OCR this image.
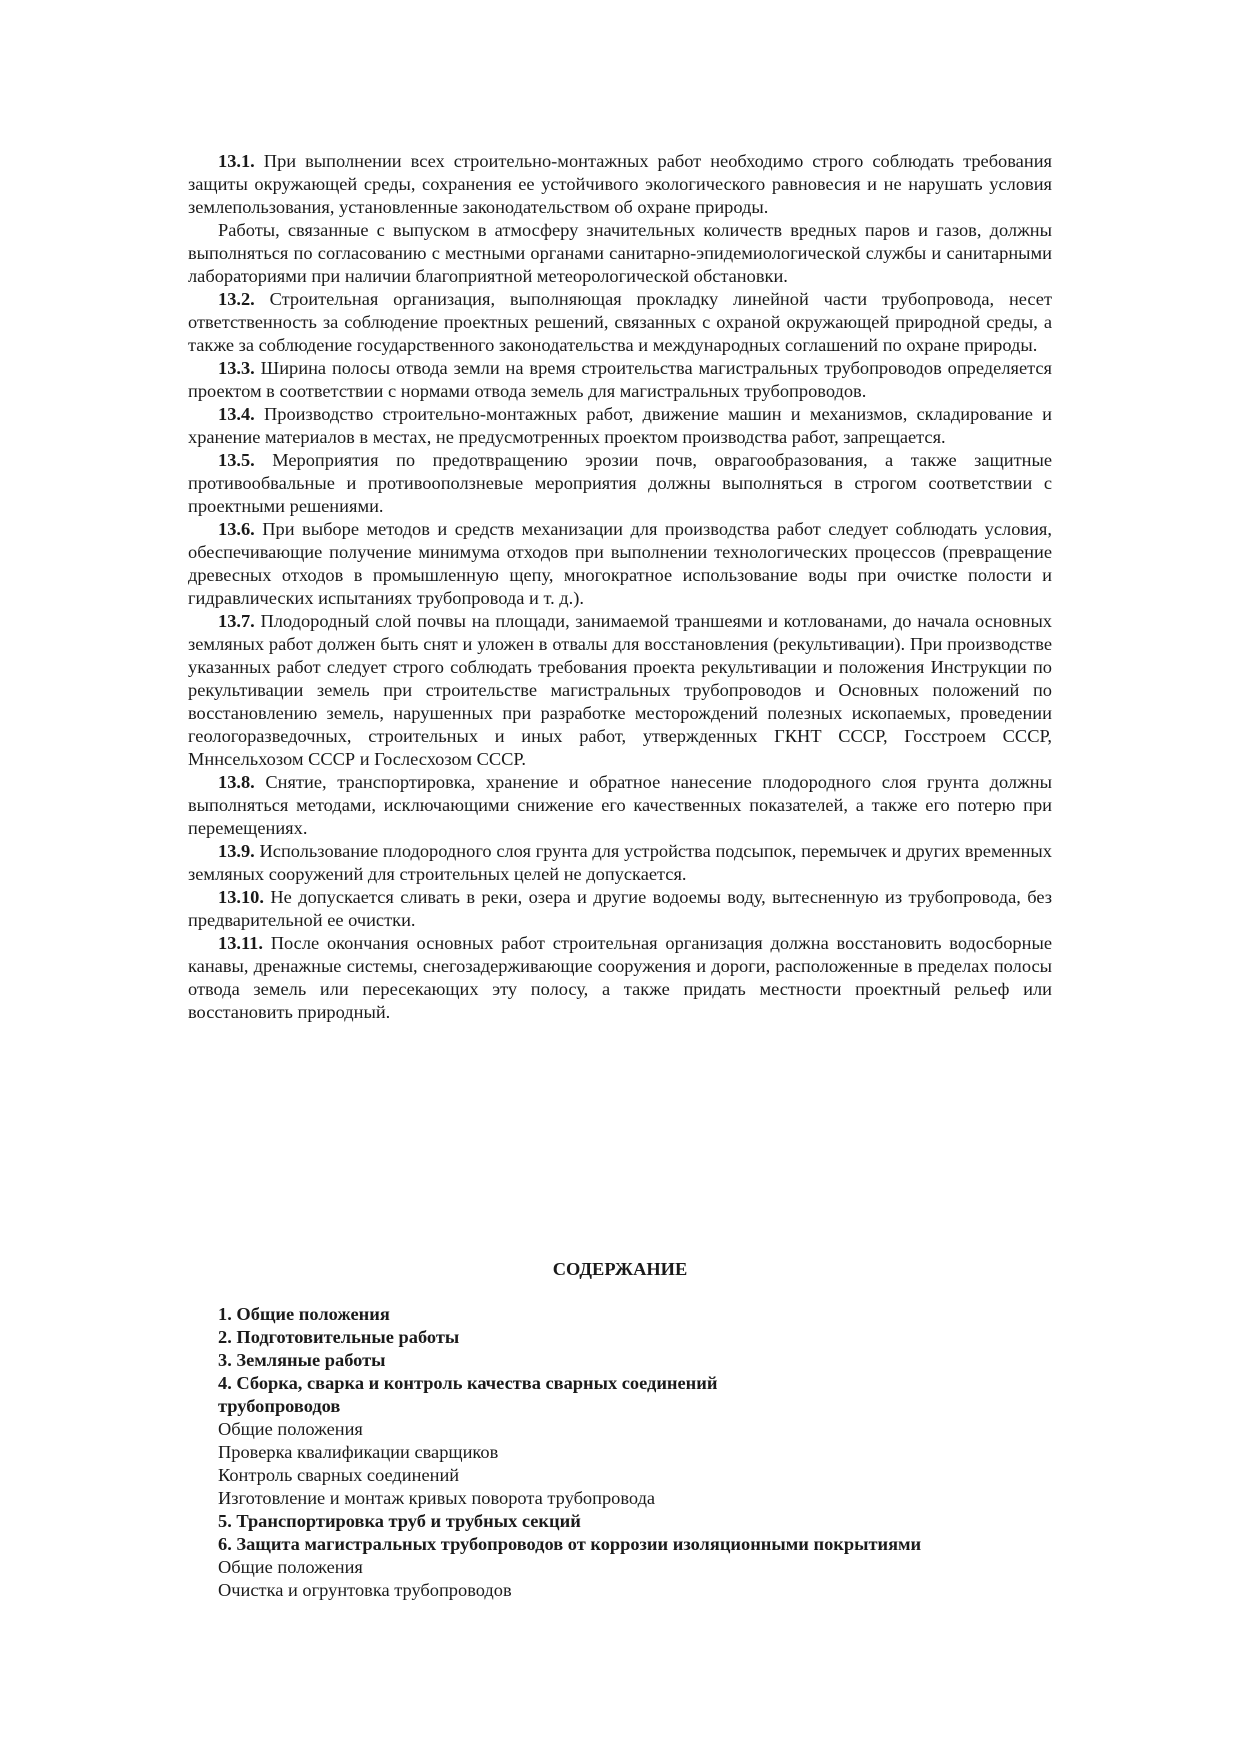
13.1. При выполнении всех строительно-монтажных работ необходимо строго соблюдать требования защиты окружающей среды, сохранения ее устойчивого экологического равновесия и не нарушать условия землепользования, установленные законодательством об охране природы.

Работы, связанные с выпуском в атмосферу значительных количеств вредных паров и газов, должны выполняться по согласованию с местными органами санитарно-эпидемиологической службы и санитарными лабораториями при наличии благоприятной метеорологической обстановки.

13.2. Строительная организация, выполняющая прокладку линейной части трубопровода, несет ответственность за соблюдение проектных решений, связанных с охраной окружающей природной среды, а также за соблюдение государственного законодательства и международных соглашений по охране природы.

13.3. Ширина полосы отвода земли на время строительства магистральных трубопроводов определяется проектом в соответствии с нормами отвода земель для магистральных трубопроводов.

13.4. Производство строительно-монтажных работ, движение машин и механизмов, складирование и хранение материалов в местах, не предусмотренных проектом производства работ, запрещается.

13.5. Мероприятия по предотвращению эрозии почв, оврагообразования, а также защитные противообвальные и противооползневые мероприятия должны выполняться в строгом соответствии с проектными решениями.

13.6. При выборе методов и средств механизации для производства работ следует соблюдать условия, обеспечивающие получение минимума отходов при выполнении технологических процессов (превращение древесных отходов в промышленную щепу, многократное использование воды при очистке полости и гидравлических испытаниях трубопровода и т. д.).

13.7. Плодородный слой почвы на площади, занимаемой траншеями и котлованами, до начала основных земляных работ должен быть снят и уложен в отвалы для восстановления (рекультивации). При производстве указанных работ следует строго соблюдать требования проекта рекультивации и положения Инструкции по рекультивации земель при строительстве магистральных трубопроводов и Основных положений по восстановлению земель, нарушенных при разработке месторождений полезных ископаемых, проведении геологоразведочных, строительных и иных работ, утвержденных ГКНТ СССР, Госстроем СССР, Мннсельхозом СССР и Гослесхозом СССР.

13.8. Снятие, транспортировка, хранение и обратное нанесение плодородного слоя грунта должны выполняться методами, исключающими снижение его качественных показателей, а также его потерю при перемещениях.

13.9. Использование плодородного слоя грунта для устройства подсыпок, перемычек и других временных земляных сооружений для строительных целей не допускается.

13.10. Не допускается сливать в реки, озера и другие водоемы воду, вытесненную из трубопровода, без предварительной ее очистки.

13.11. После окончания основных работ строительная организация должна восстановить водосборные канавы, дренажные системы, снегозадерживающие сооружения и дороги, расположенные в пределах полосы отвода земель или пересекающих эту полосу, а также придать местности проектный рельеф или восстановить природный.

СОДЕРЖАНИЕ
1. Общие положения
2. Подготовительные работы
3. Земляные работы
4. Сборка, сварка и контроль качества сварных соединений трубопроводов
Общие положения
Проверка квалификации сварщиков
Контроль сварных соединений
Изготовление и монтаж кривых поворота трубопровода
5. Транспортировка труб и трубных секций
6. Защита магистральных трубопроводов от коррозии изоляционными покрытиями
Общие положения
Очистка и огрунтовка трубопроводов
